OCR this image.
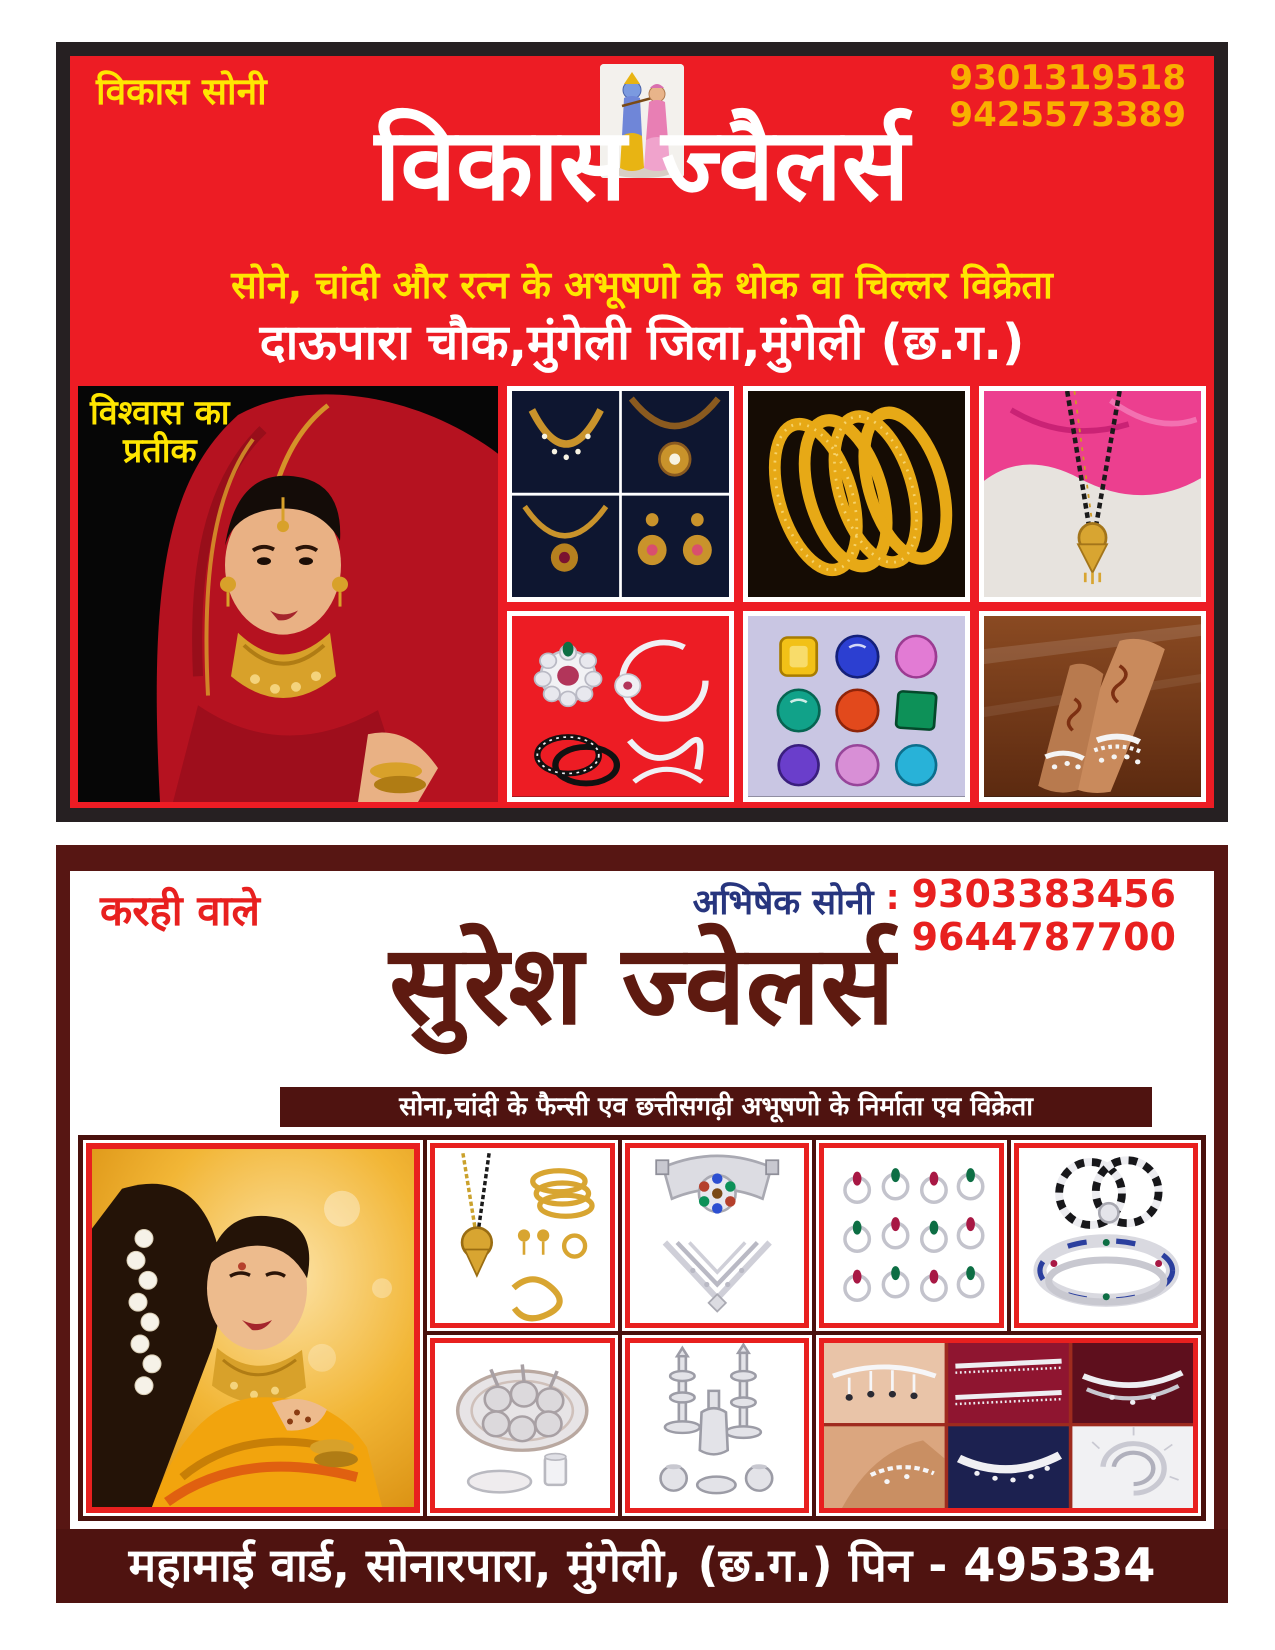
विकास सोनी	9301319518
9425573389
विकास ज्वैलर्स
सोने, चांदी और रत्न के अभूषणो के थोक वा चिल्लर विक्रेता
दाऊपारा चौक,मुंगेली जिला,मुंगेली (छ.ग.)
विश्वास का
प्रतीक
करही वाले	अभिषेक सोनी : 9303383456
9644787700
सुरेश ज्वेलर्स
सोना,चांदी के फैन्सी एव छत्तीसगढ़ी अभूषणो के निर्माता एव विक्रेता
महामाई वार्ड, सोनारपारा, मुंगेली, (छ.ग.) पिन - 495334
